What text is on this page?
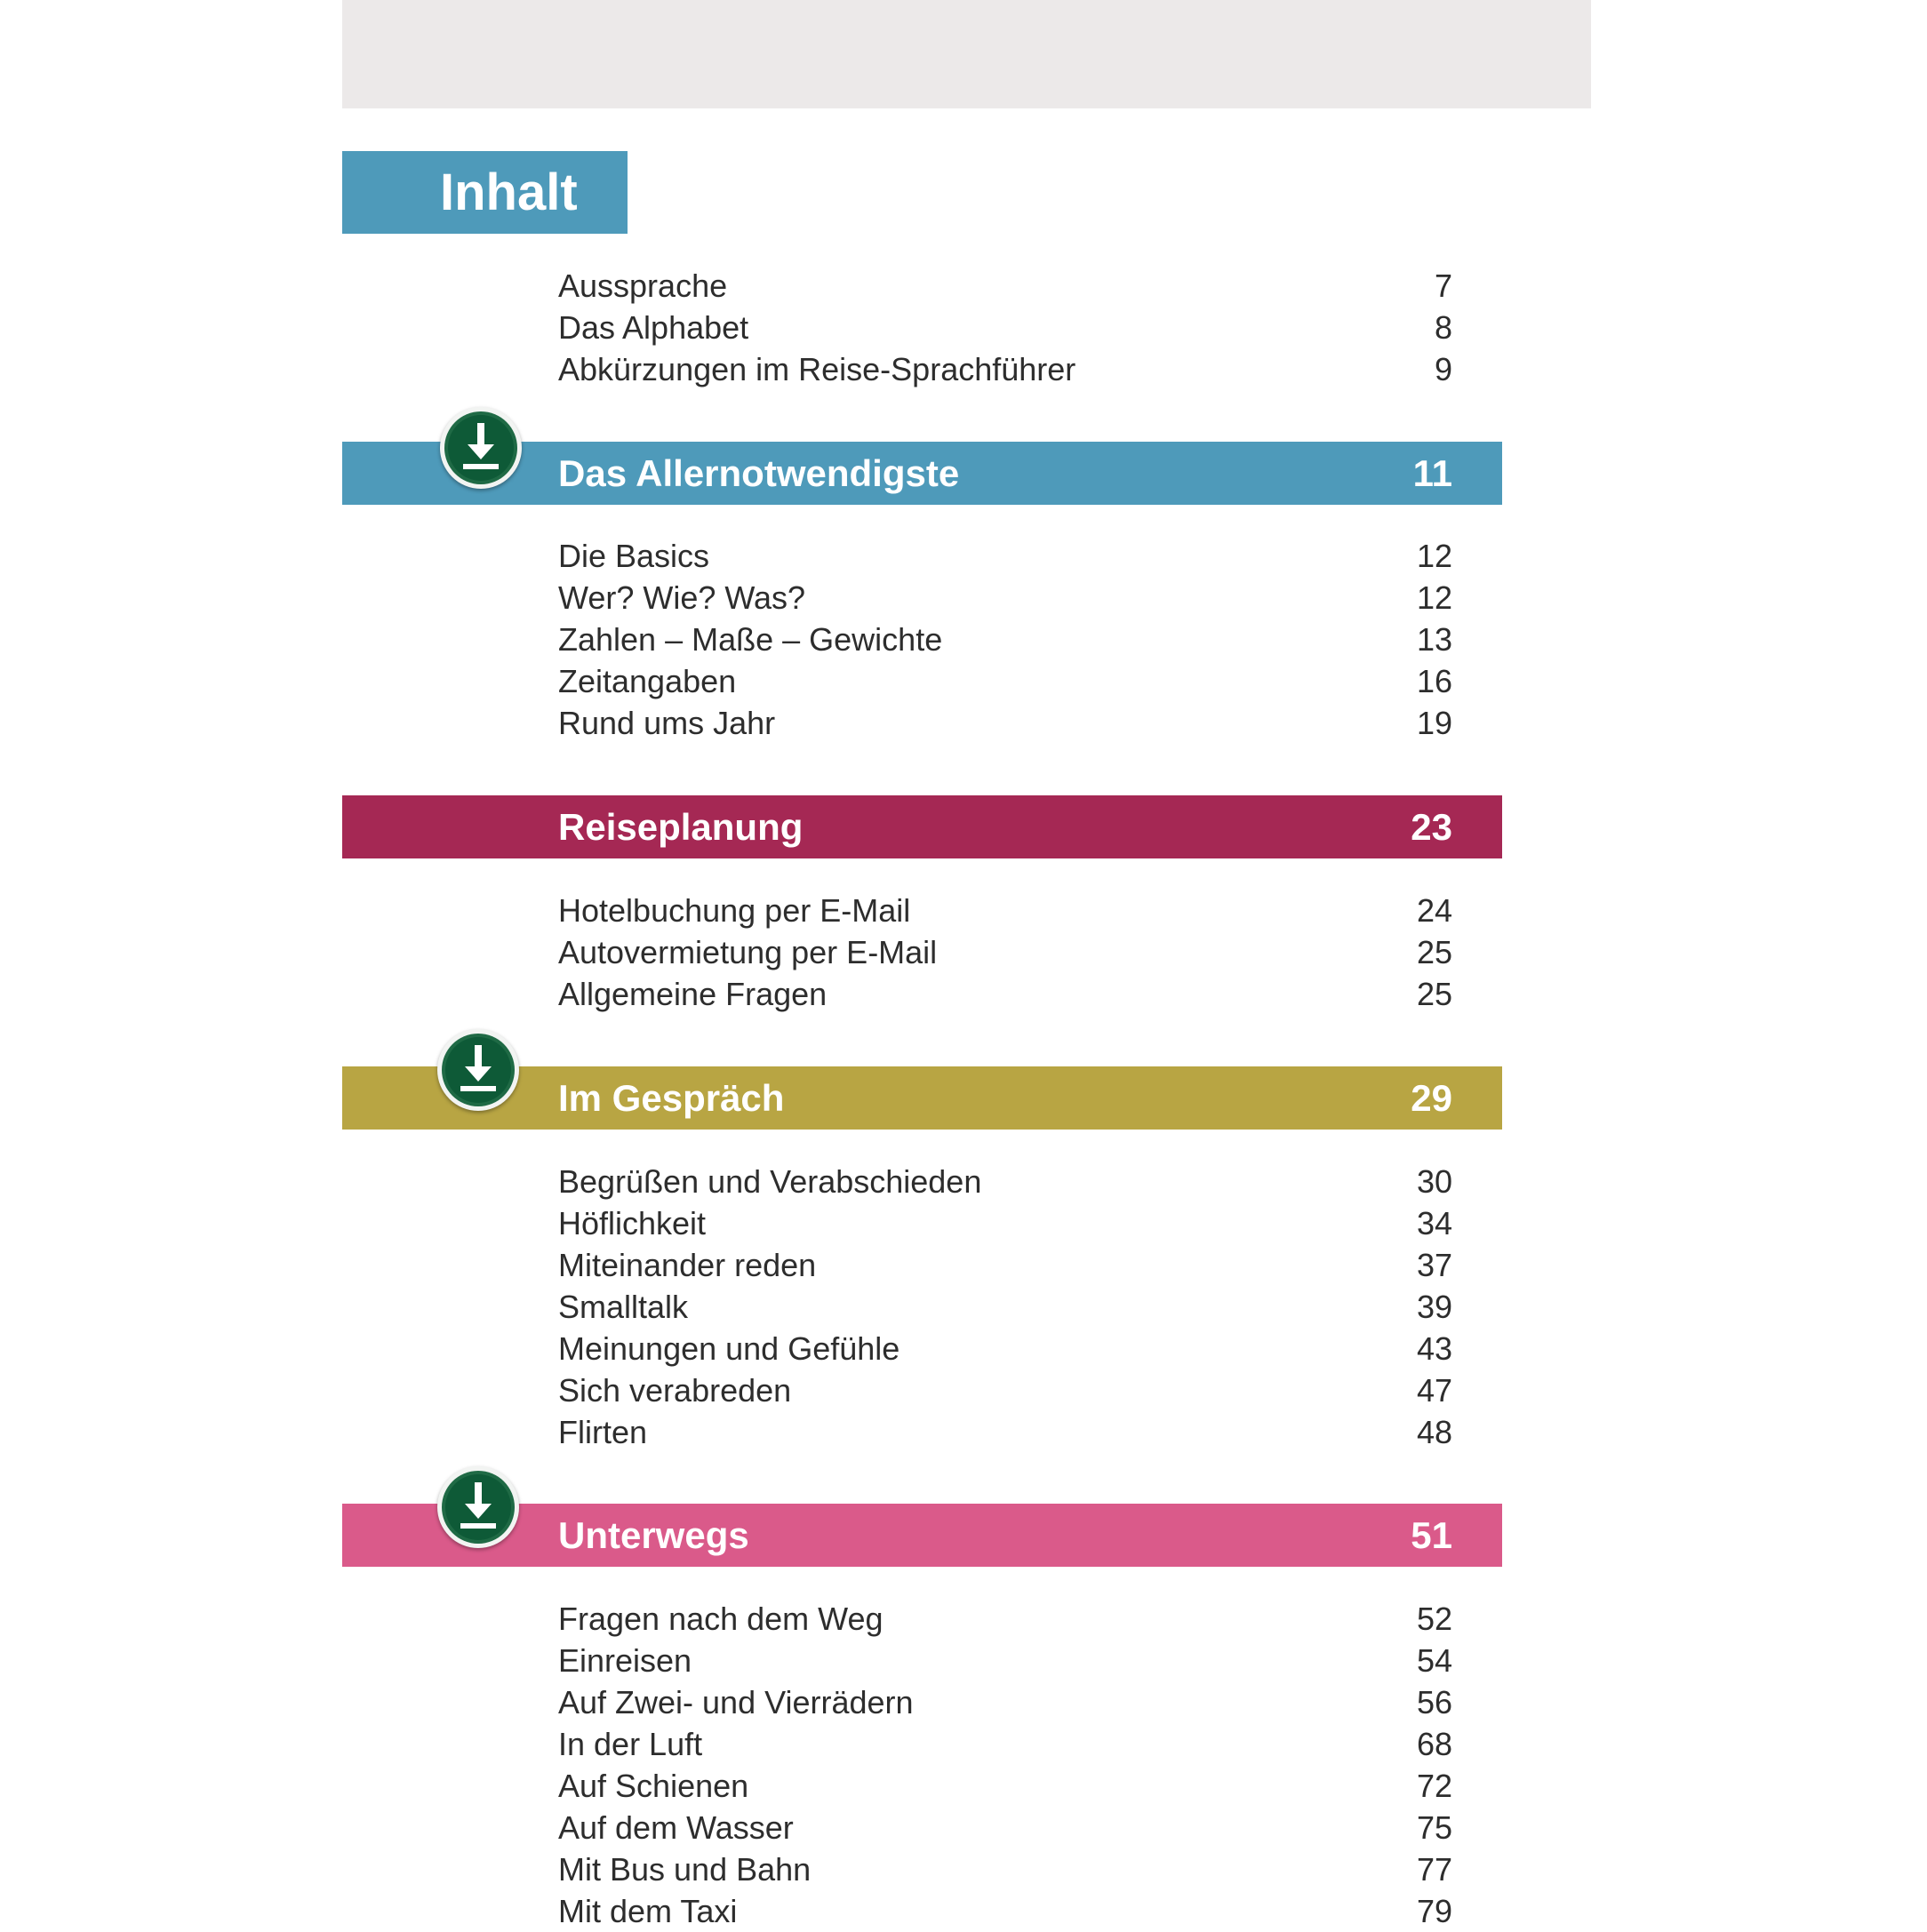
Inhalt
Aussprache	7
Das Alphabet	8
Abkürzungen im Reise-Sprachführer	9
Das Allernotwendigste	11
Die Basics	12
Wer? Wie? Was?	12
Zahlen – Maße – Gewichte	13
Zeitangaben	16
Rund ums Jahr	19
Reiseplanung	23
Hotelbuchung per E-Mail	24
Autovermietung per E-Mail	25
Allgemeine Fragen	25
Im Gespräch	29
Begrüßen und Verabschieden	30
Höflichkeit	34
Miteinander reden	37
Smalltalk	39
Meinungen und Gefühle	43
Sich verabreden	47
Flirten	48
Unterwegs	51
Fragen nach dem Weg	52
Einreisen	54
Auf Zwei- und Vierrädern	56
In der Luft	68
Auf Schienen	72
Auf dem Wasser	75
Mit Bus und Bahn	77
Mit dem Taxi	79
